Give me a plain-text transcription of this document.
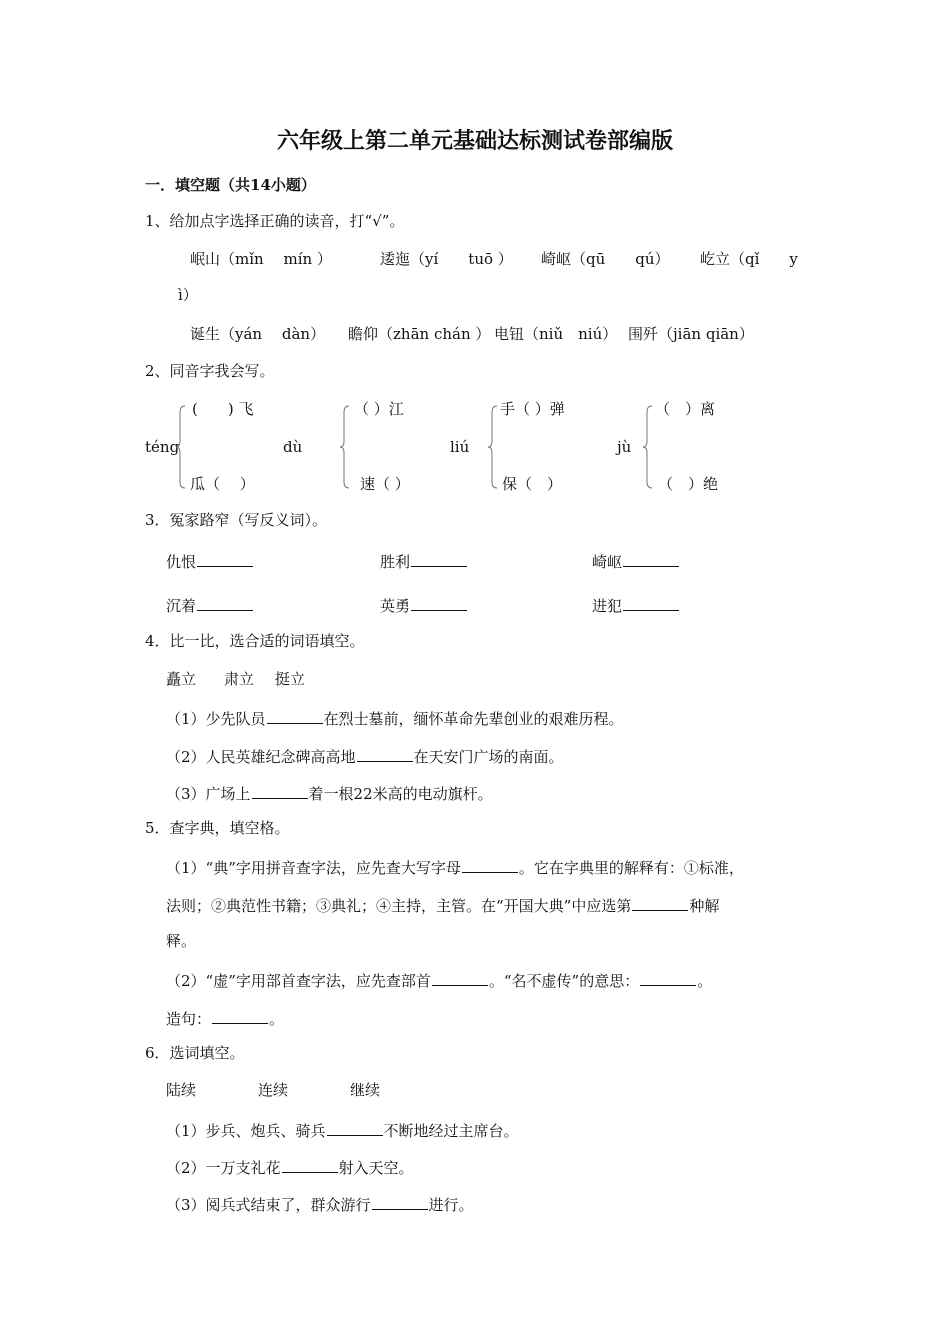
六年级上第二单元基础达标测试卷部编版
一．填空题（共14小题）
1、给加点字选择正确的读音，打“√”。
岷山（mǐn　 mín ）	逶迤（yí　　tuō ） 崎岖（qū　　qú） 屹立（qǐ　　y
ì）
诞生（yán　 dàn） 瞻仰（zhān chán ） 电钮（niǔ　niú） 围歼（jiān qiān）
2、同音字我会写。
téng
(　　) 飞
瓜（　 ）
dù
（ ）江
速（ ）
liú
手（ ）弹
保（　）
jù
（　）离
（　）绝
3．冤家路窄（写反义词）。
仇恨	胜利	崎岖
沉着	英勇	进犯
4．比一比，选合适的词语填空。
矗立 肃立 挺立
（1）少先队员	在烈士墓前，缅怀革命先辈创业的艰难历程。
（2）人民英雄纪念碑高高地	在天安门广场的南面。
（3）广场上	着一根22米高的电动旗杆。
5．查字典，填空格。
（1）“典”字用拼音查字法，应先查大写字母	。它在字典里的解释有：①标准，
法则；②典范性书籍；③典礼；④主持，主管。在“开国大典”中应选第	种解
释。
（2）“虚”字用部首查字法，应先查部首	。“名不虚传”的意思：	。
造句：	。
6．选词填空。
陆续	连续	继续
（1）步兵、炮兵、骑兵	不断地经过主席台。
（2）一万支礼花	射入天空。
（3）阅兵式结束了，群众游行	进行。
